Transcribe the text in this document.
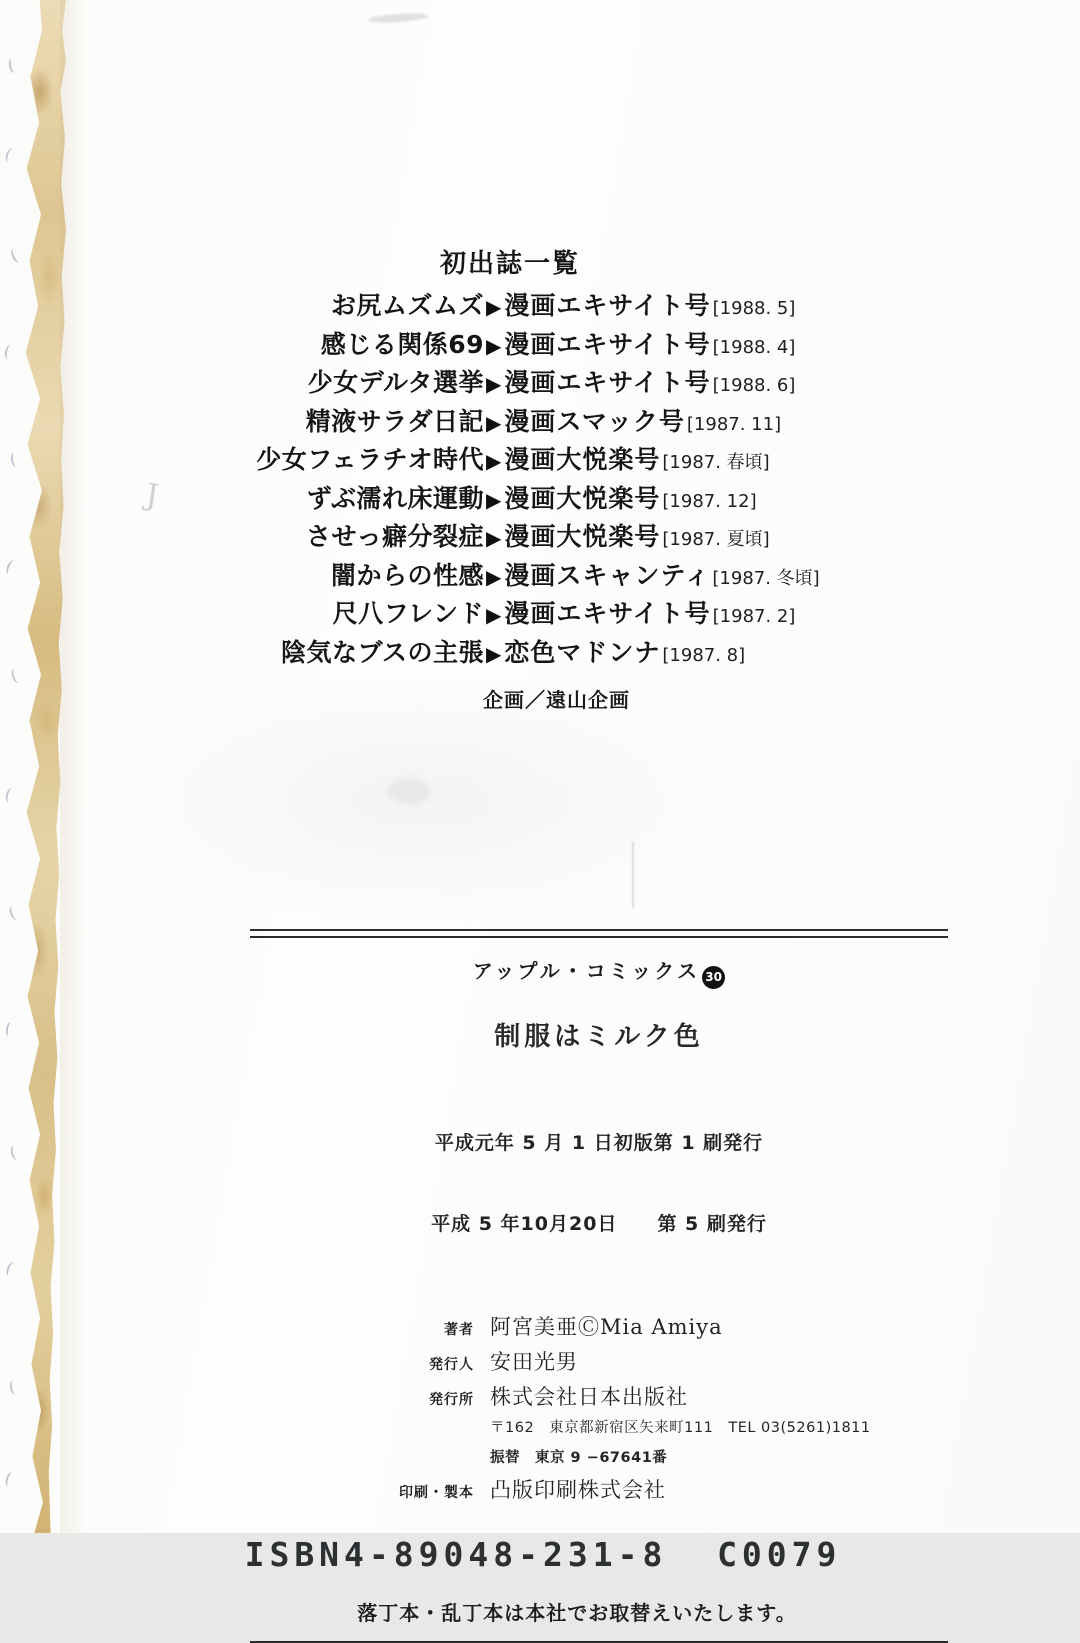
J
初出誌一覧
お尻ムズムズ ▶ 漫画エキサイト号 [1988. 5]
感じる関係69 ▶ 漫画エキサイト号 [1988. 4]
少女デルタ選挙 ▶ 漫画エキサイト号 [1988. 6]
精液サラダ日記 ▶ 漫画スマック号 [1987. 11]
少女フェラチオ時代 ▶ 漫画大悦楽号 [1987. 春頃]
ずぶ濡れ床運動 ▶ 漫画大悦楽号 [1987. 12]
させっ癖分裂症 ▶ 漫画大悦楽号 [1987. 夏頃]
闇からの性感 ▶ 漫画スキャンティ [1987. 冬頃]
尺八フレンド ▶ 漫画エキサイト号 [1987. 2]
陰気なブスの主張 ▶ 恋色マドンナ [1987. 8]
企画／遠山企画
アップル・コミックス 30
制服はミルク色

平成元年 5 月 1 日初版第 1 刷発行

平成 5 年10月20日　　第 5 刷発行

著者 阿宮美亜ⒸMia Amiya
発行人 安田光男
発行所 株式会社日本出版社
〒162　東京都新宿区矢来町111　TEL 03(5261)1811
振替　東京 9 −67641番
印刷・製本 凸版印刷株式会社
ISBN4-89048-231-8  C0079
落丁本・乱丁本は本社でお取替えいたします。
